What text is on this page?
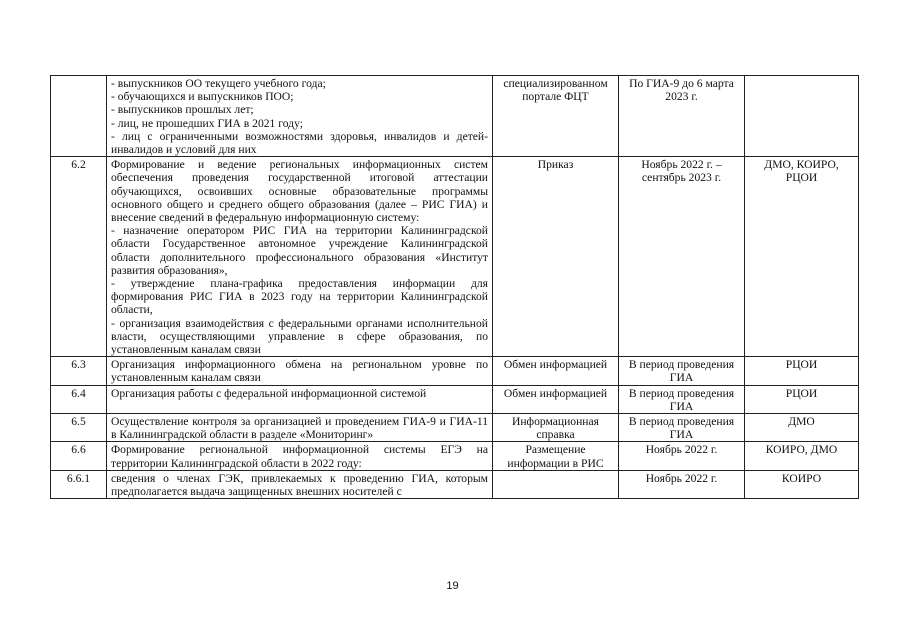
	- выпускников ОО текущего учебного года;
- обучающихся и выпускников ПОО;
- выпускников прошлых лет;
- лиц, не прошедших ГИА в 2021 году;
- лиц с ограниченными возможностями здоровья, инвалидов и детей-инвалидов и условий для них	специализированном портале ФЦТ	По ГИА-9 до 6 марта 2023 г.	
6.2	Формирование и ведение региональных информационных систем обеспечения проведения государственной итоговой аттестации обучающихся, освоивших основные образовательные программы основного общего и среднего общего образования (далее – РИС ГИА) и внесение сведений в федеральную информационную систему:
- назначение оператором РИС ГИА на территории Калининградской области Государственное автономное учреждение Калининградской области дополнительного профессионального образования «Институт развития образования»,
- утверждение плана-графика предоставления информации для формирования РИС ГИА в 2023 году на территории Калининградской области,
- организация взаимодействия с федеральными органами исполнительной власти, осуществляющими управление в сфере образования, по установленным каналам связи	Приказ	Ноябрь 2022 г. – сентябрь 2023 г.	ДМО, КОИРО, РЦОИ
6.3	Организация информационного обмена на региональном уровне по установленным каналам связи	Обмен информацией	В период проведения ГИА	РЦОИ
6.4	Организация работы с федеральной информационной системой	Обмен информацией	В период проведения ГИА	РЦОИ
6.5	Осуществление контроля за организацией и проведением ГИА-9 и ГИА-11 в Калининградской области в разделе «Мониторинг»	Информационная справка	В период проведения ГИА	ДМО
6.6	Формирование региональной информационной системы ЕГЭ на территории Калининградской области в 2022 году:	Размещение информации в РИС	Ноябрь 2022 г.	КОИРО, ДМО
6.6.1	сведения о членах ГЭК, привлекаемых к проведению ГИА, которым предполагается выдача защищенных внешних носителей с		Ноябрь 2022 г.	КОИРО
19
